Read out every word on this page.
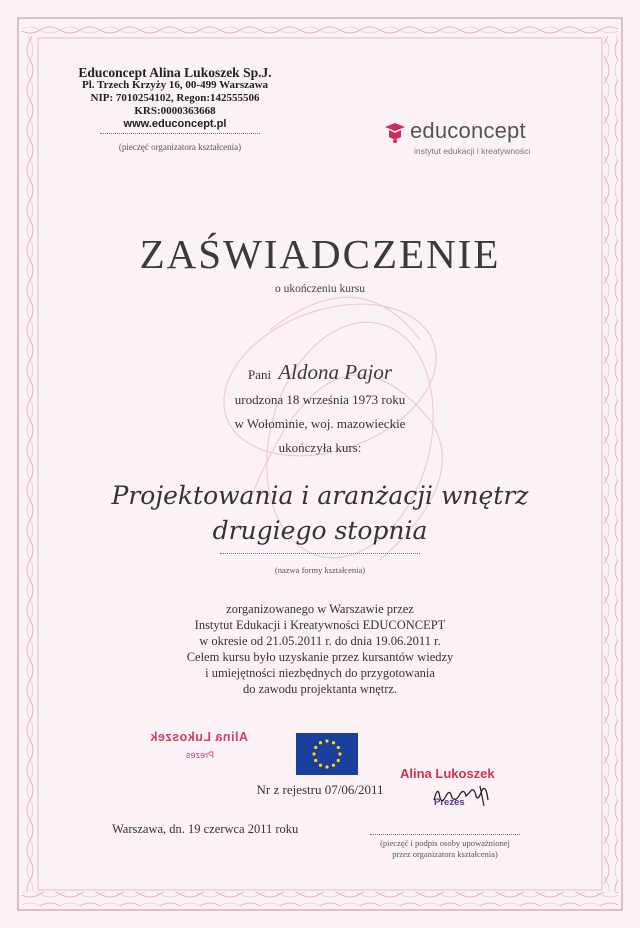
Educoncept Alina Lukoszek Sp.J.
Pl. Trzech Krzyży 16, 00-499 Warszawa
NIP: 7010254102, Regon:142555506
KRS:0000363668
www.educoncept.pl
(pieczęć organizatora kształcenia)
educoncept
instytut edukacji i kreatywności
ZAŚWIADCZENIE
o ukończeniu kursu
Pani Aldona Pajor
urodzona 18 września 1973 roku
w Wołominie, woj. mazowieckie
ukończyła kurs:
Projektowania i aranżacji wnętrz
drugiego stopnia
(nazwa formy kształcenia)
zorganizowanego w Warszawie przez
Instytut Edukacji i Kreatywności EDUCONCEPT
w okresie od 21.05.2011 r. do dnia 19.06.2011 r.
Celem kursu było uzyskanie przez kursantów wiedzy
i umiejętności niezbędnych do przygotowania
do zawodu projektanta wnętrz.
Alina Lukoszek
Prezes
Nr z rejestru 07/06/2011
Alina Lukoszek
Prezes
Warszawa, dn. 19 czerwca 2011 roku
(pieczęć i podpis osoby upoważnionej
przez organizatora kształcenia)
